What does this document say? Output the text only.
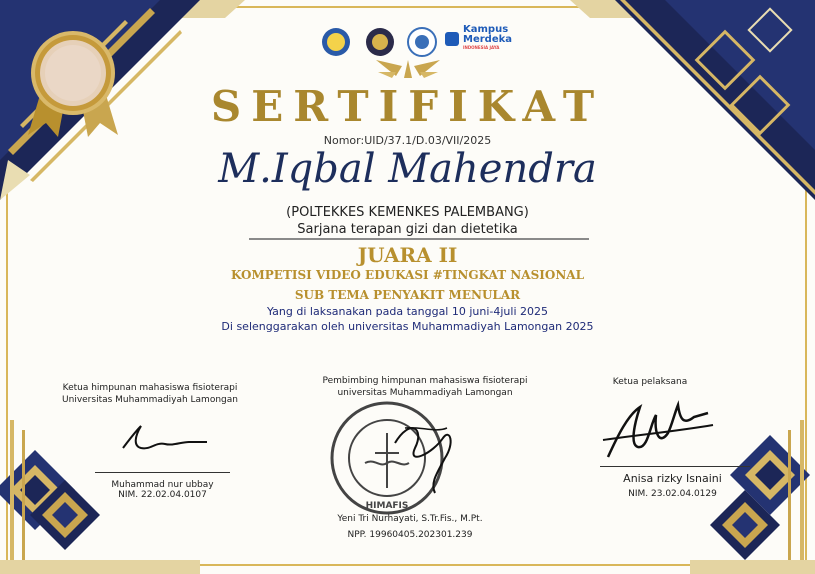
Kampus
Merdeka
INDONESIA JAYA
SERTIFIKAT
Nomor:UID/37.1/D.03/VII/2025
M.Iqbal Mahendra
(POLTEKKES KEMENKES PALEMBANG)
Sarjana terapan gizi dan dietetika
JUARA II
KOMPETISI VIDEO EDUKASI #TINGKAT NASIONAL
SUB TEMA PENYAKIT MENULAR
Yang di laksanakan pada tanggal 10 juni-4juli 2025
Di selenggarakan oleh universitas Muhammadiyah Lamongan 2025
Ketua himpunan mahasiswa fisioterapi
Universitas Muhammadiyah Lamongan
Muhammad nur ubbay
NIM. 22.02.04.0107
Pembimbing himpunan mahasiswa fisioterapi
universitas Muhammadiyah Lamongan
HIMAFIS
Yeni Tri Nurhayati, S.Tr.Fis., M.Pt.
NPP. 19960405.202301.239
Ketua pelaksana
Anisa rizky Isnaini
NIM. 23.02.04.0129
